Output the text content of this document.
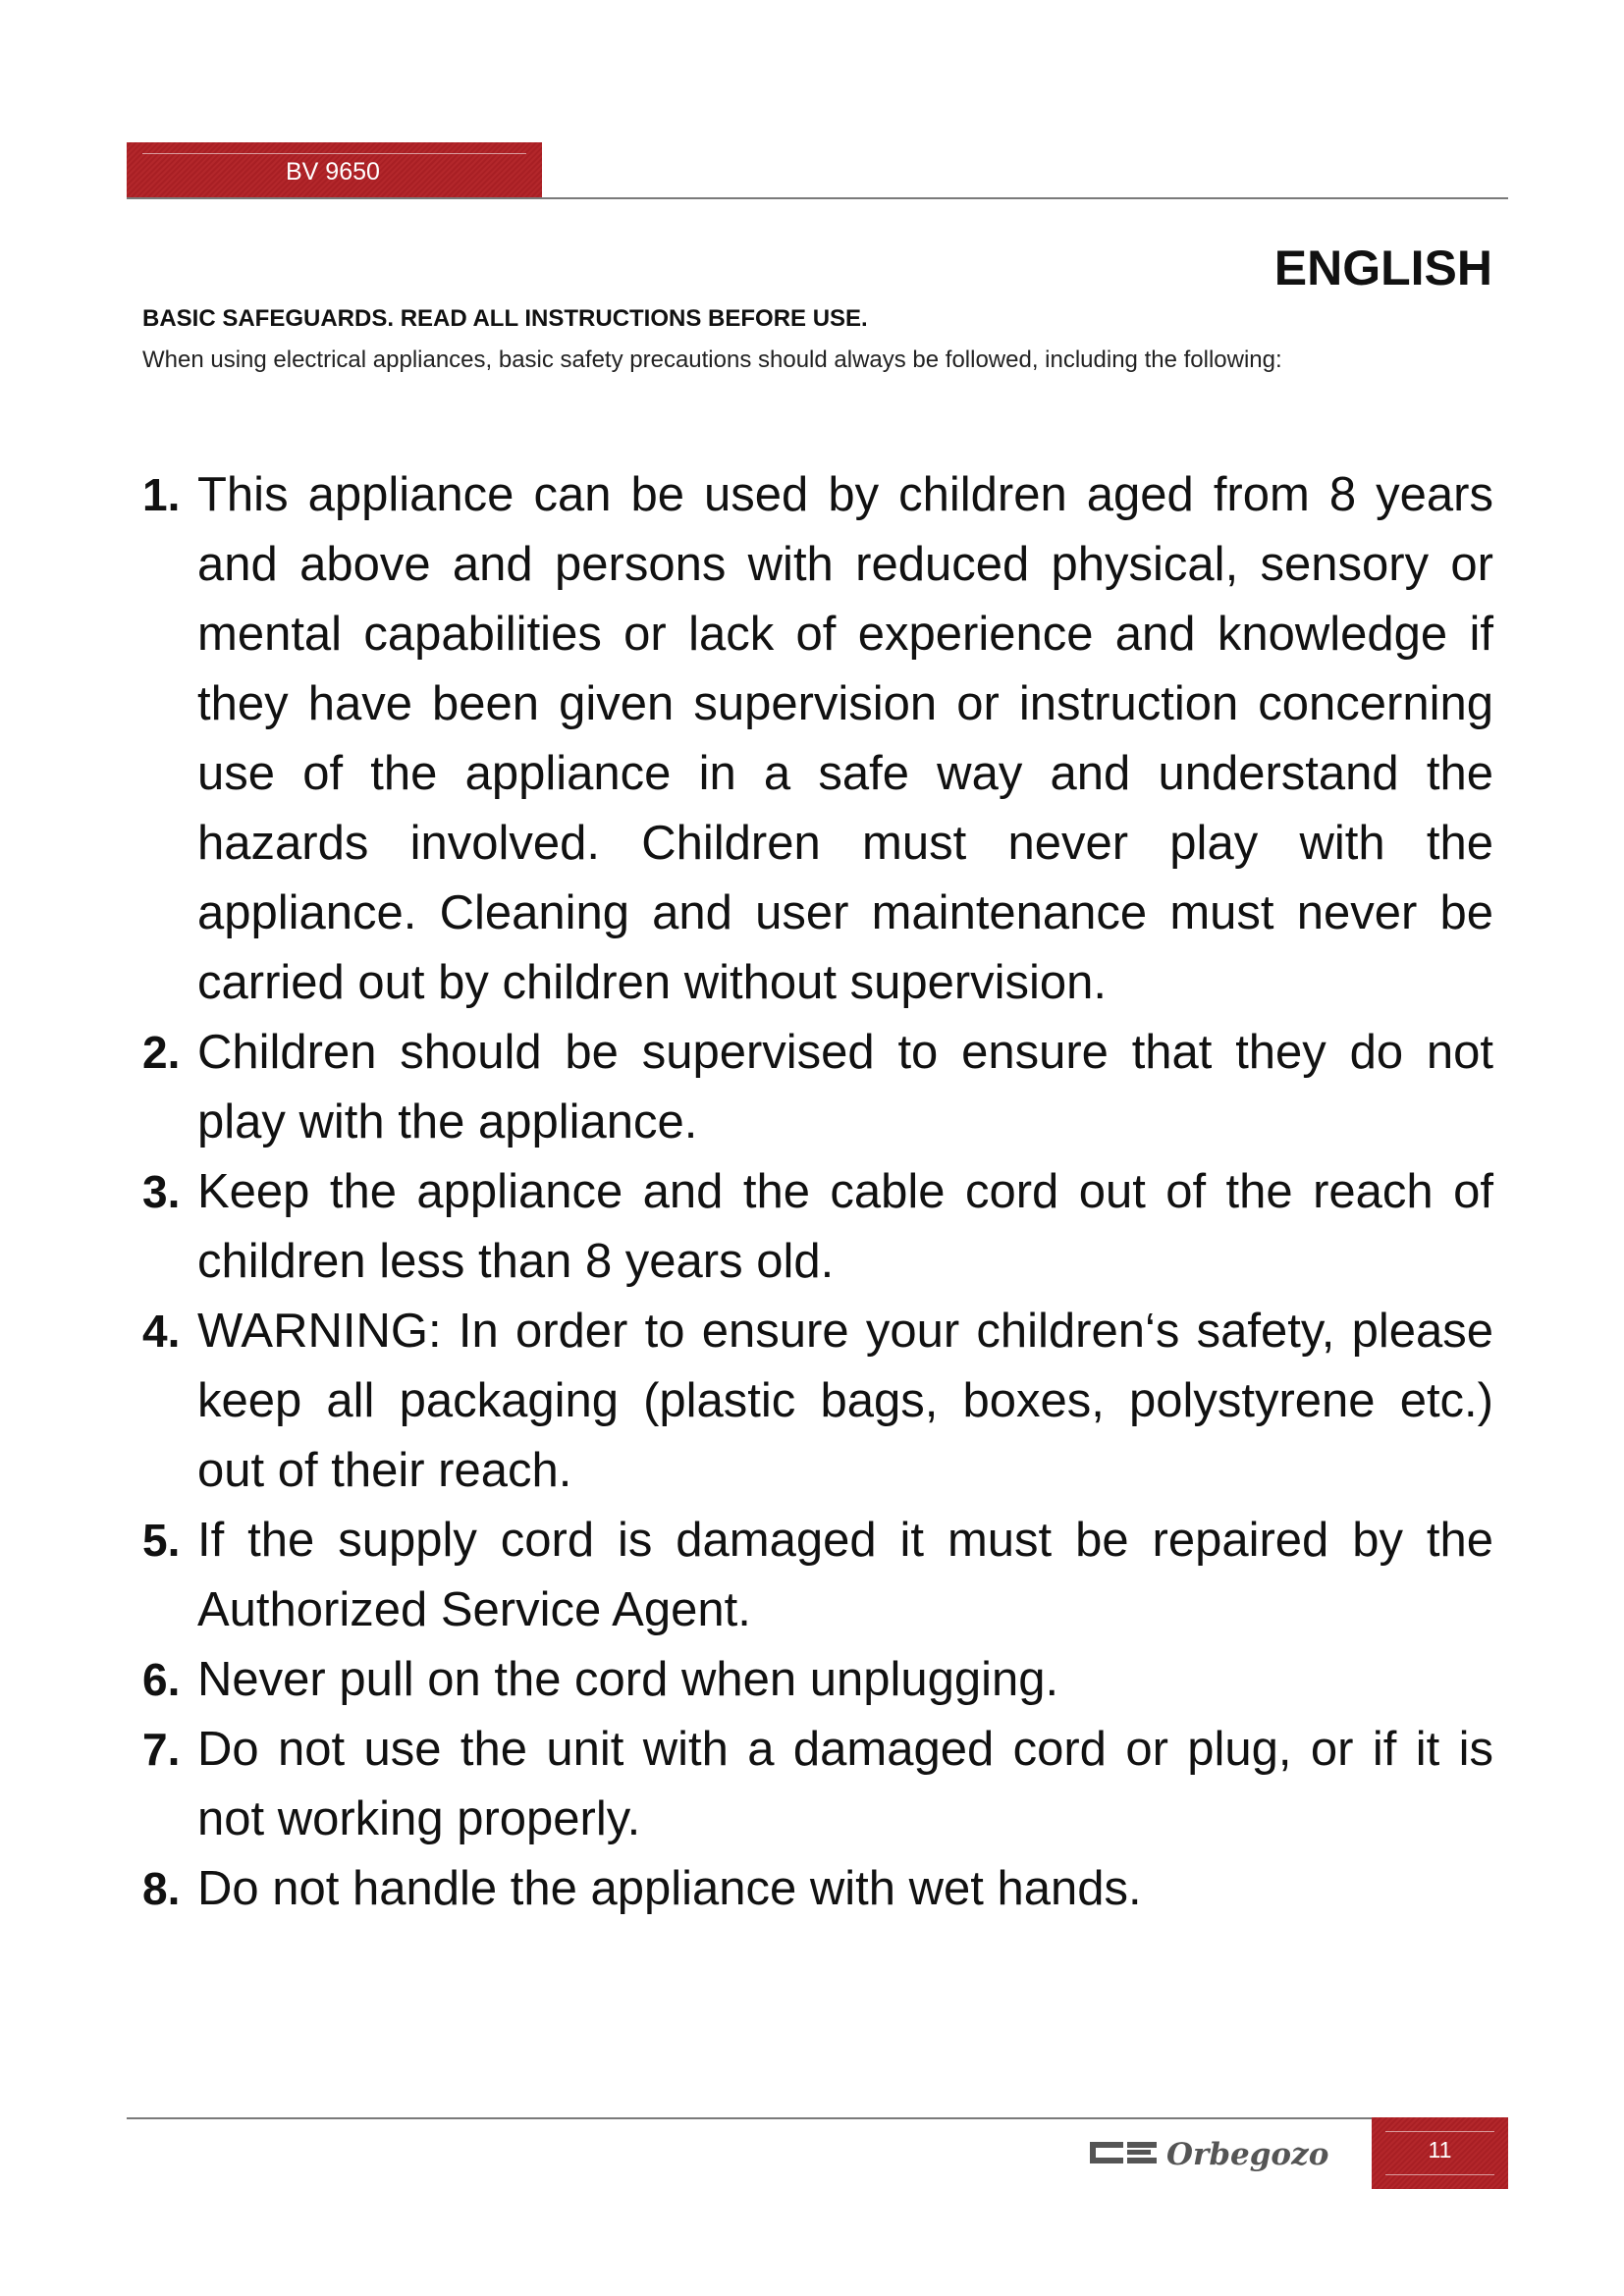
BV 9650
ENGLISH
BASIC SAFEGUARDS. READ ALL INSTRUCTIONS BEFORE USE.
When using electrical appliances, basic safety precautions should always be followed, including the following:
1. This appliance can be used by children aged from 8 years and above and persons with reduced physical, sensory or mental capabilities or lack of experience and knowledge if they have been given supervision or instruction concerning use of the appliance in a safe way and understand the hazards involved. Children must never play with the appliance. Cleaning and user maintenance must never be carried out by children without supervision.
2. Children should be supervised to ensure that they do not play with the appliance.
3. Keep the appliance and the cable cord out of the reach of children less than 8 years old.
4. WARNING: In order to ensure your children‘s safety, please keep all packaging (plastic bags, boxes, polystyrene etc.) out of their reach.
5. If the supply cord is damaged it must be repaired by the Authorized Service Agent.
6. Never pull on the cord when unplugging.
7. Do not use the unit with a damaged cord or plug, or if it is not working properly.
8. Do not handle the appliance with wet hands.
Orbegozo	11
